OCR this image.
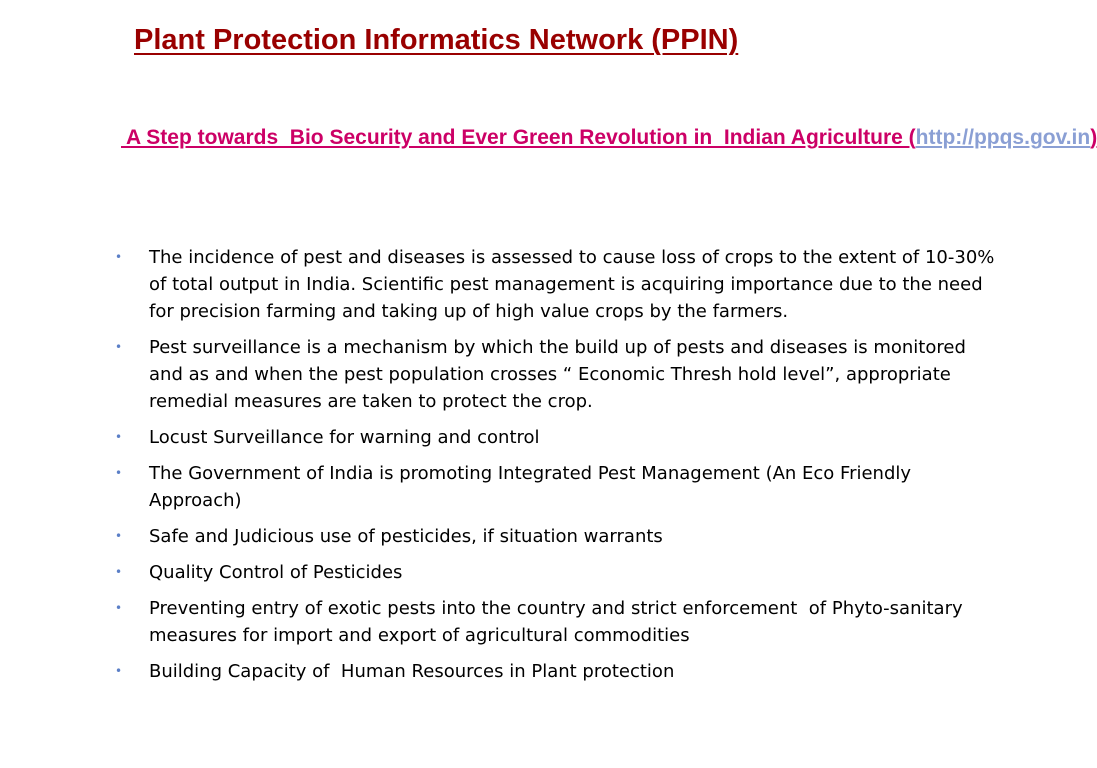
Plant Protection Informatics Network (PPIN)

A Step towards  Bio Security and Ever Green Revolution in  Indian Agriculture (http://ppqs.gov.in)

• The incidence of pest and diseases is assessed to cause loss of crops to the extent of 10-30% of total output in India. Scientific pest management is acquiring importance due to the need for precision farming and taking up of high value crops by the farmers.
• Pest surveillance is a mechanism by which the build up of pests and diseases is monitored and as and when the pest population crosses “ Economic Thresh hold level”, appropriate remedial measures are taken to protect the crop.
• Locust Surveillance for warning and control
• The Government of India is promoting Integrated Pest Management (An Eco Friendly Approach)
• Safe and Judicious use of pesticides, if situation warrants
• Quality Control of Pesticides
• Preventing entry of exotic pests into the country and strict enforcement  of Phyto-sanitary measures for import and export of agricultural commodities
• Building Capacity of  Human Resources in Plant protection
